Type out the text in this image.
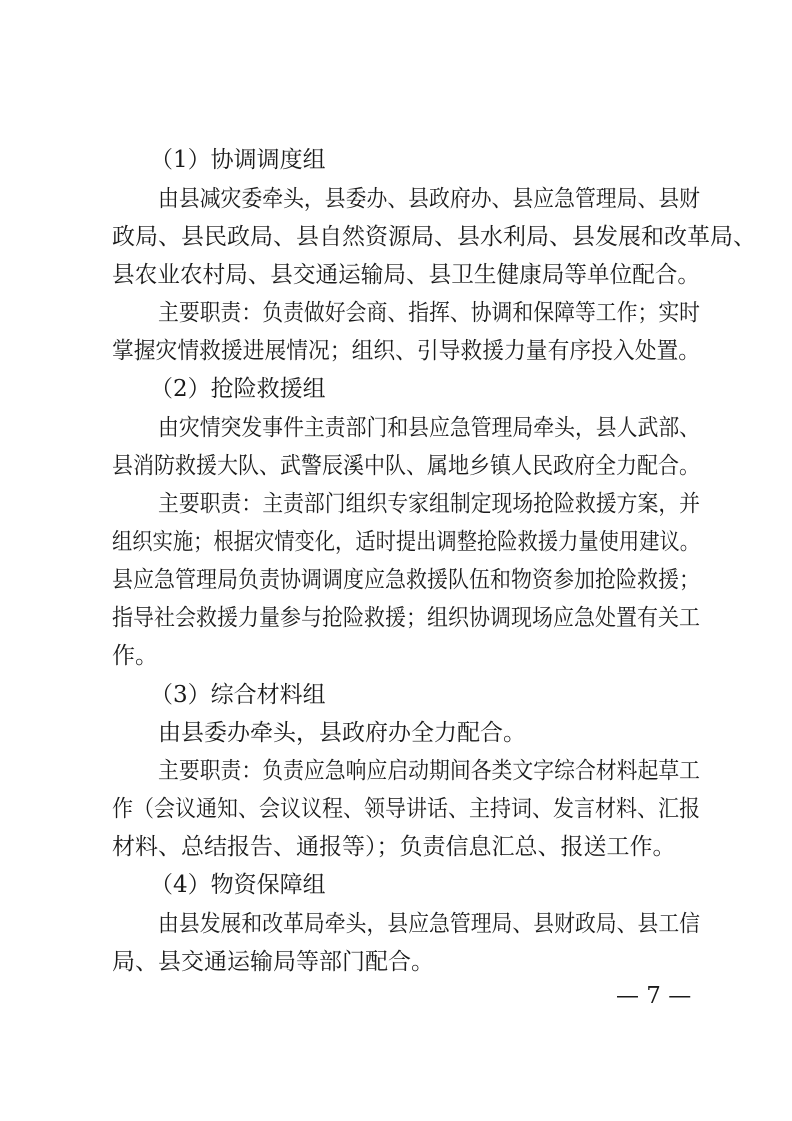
（1）协调调度组
由县减灾委牵头，县委办、县政府办、县应急管理局、县财
政局、县民政局、县自然资源局、县水利局、县发展和改革局、
县农业农村局、县交通运输局、县卫生健康局等单位配合。
主要职责：负责做好会商、指挥、协调和保障等工作；实时
掌握灾情救援进展情况；组织、引导救援力量有序投入处置。
（2）抢险救援组
由灾情突发事件主责部门和县应急管理局牵头，县人武部、
县消防救援大队、武警辰溪中队、属地乡镇人民政府全力配合。
主要职责：主责部门组织专家组制定现场抢险救援方案，并
组织实施；根据灾情变化，适时提出调整抢险救援力量使用建议。
县应急管理局负责协调调度应急救援队伍和物资参加抢险救援；
指导社会救援力量参与抢险救援；组织协调现场应急处置有关工
作。
（3）综合材料组
由县委办牵头，县政府办全力配合。
主要职责：负责应急响应启动期间各类文字综合材料起草工
作（会议通知、会议议程、领导讲话、主持词、发言材料、汇报
材料、总结报告、通报等）；负责信息汇总、报送工作。
（4）物资保障组
由县发展和改革局牵头，县应急管理局、县财政局、县工信
局、县交通运输局等部门配合。
— 7 —
